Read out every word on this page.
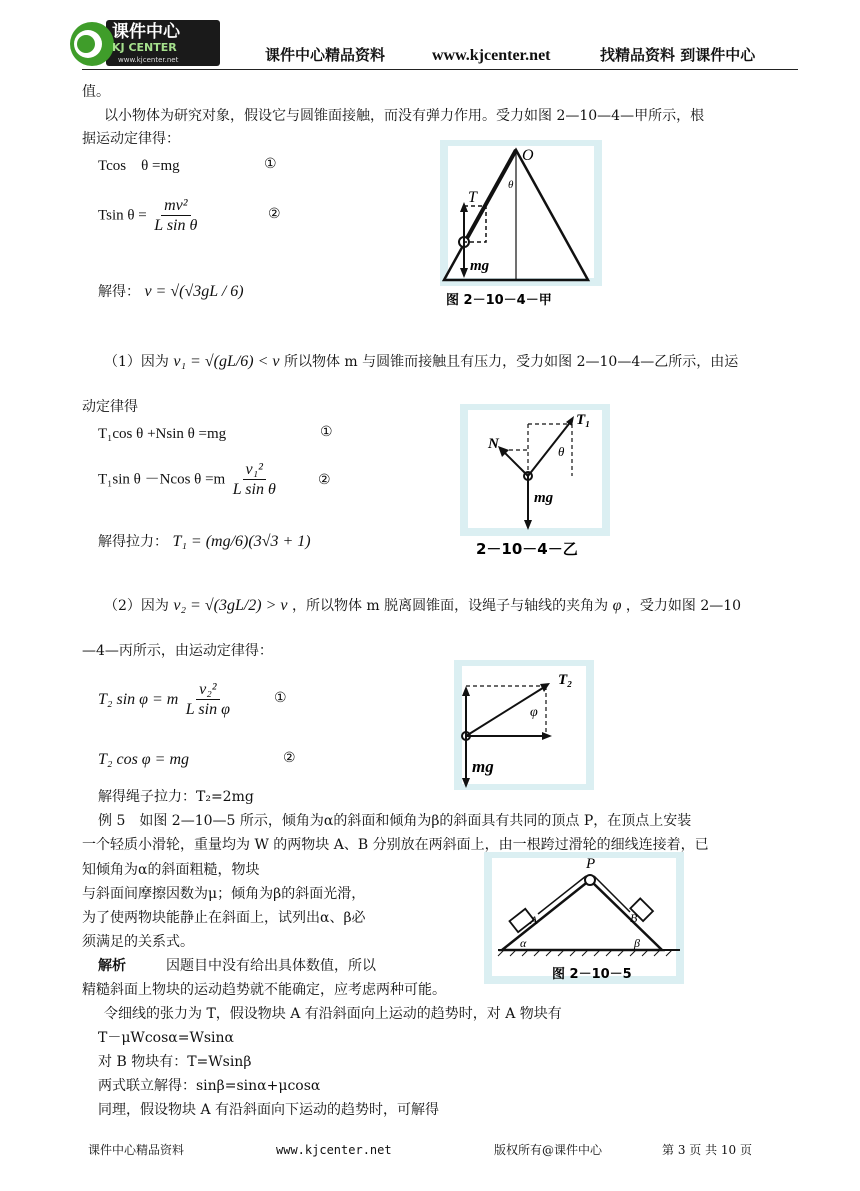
课件中心
KJ CENTER
www.kjcenter.net	课件中心精品资料	www.kjcenter.net	找精品资料 到课件中心
值。
以小物体为研究对象，假设它与圆锥面接触，而没有弹力作用。受力如图 2—10—4—甲所示，根
据运动定律得：
Tcos　θ =mg	①
Tsin $\theta = \frac{\text{mv²}}{\text{L sin θ}}$	②
解得： v = √(√3gL / 6)
（1）因为 v₁ = √(gL/6) < v 所以物体 m 与圆锥而接触且有压力，受力如图 2—10—4—乙所示，由运
动定律得
T₁cos θ +Nsin θ =mg	①
T₁sin θ －Ncos $\theta =m \frac{\text{v₁²}}{\text{L sin θ}}$	②
解得拉力： T₁ = (mg/6)(3√3 + 1)
（2）因为 v₂ = √(3gL/2) > v ，所以物体 m 脱离圆锥面，设绳子与轴线的夹角为 φ ，受力如图 2—10
—4—丙所示，由运动定律得：
T₂ sin φ = m $\frac{\text{v₂²}}{\text{L sin φ}}$	①
T₂ cos φ = mg	②
解得绳子拉力：T₂=2mg
例 5　如图 2—10—5 所示，倾角为α的斜面和倾角为β的斜面具有共同的顶点 P，在顶点上安装
一个轻质小滑轮，重量均为 W 的两物块 A、B 分别放在两斜面上，由一根跨过滑轮的细线连接着，已
知倾角为α的斜面粗糙，物块
与斜面间摩擦因数为μ；倾角为β的斜面光滑，
为了使两物块能静止在斜面上，试列出α、β必
须满足的关系式。
解析	因题目中没有给出具体数值，所以
精糙斜面上物块的运动趋势就不能确定，应考虑两种可能。
令细线的张力为 T，假设物块 A 有沿斜面向上运动的趋势时，对 A 物块有
T－μWcosα=Wsinα
对 B 物块有：T=Wsinβ
两式联立解得：sinβ=sinα+μcosα
同理，假设物块 A 有沿斜面向下运动的趋势时，可解得
O
T
θ
mg
图 2－10－4－甲
T₁
N	θ
mg
2－10－4－乙
T₂
φ
mg
P
A	B
α	β
图 2－10－5
课件中心精品资料	www.kjcenter.net	版权所有@课件中心	第 3 页 共 10 页
